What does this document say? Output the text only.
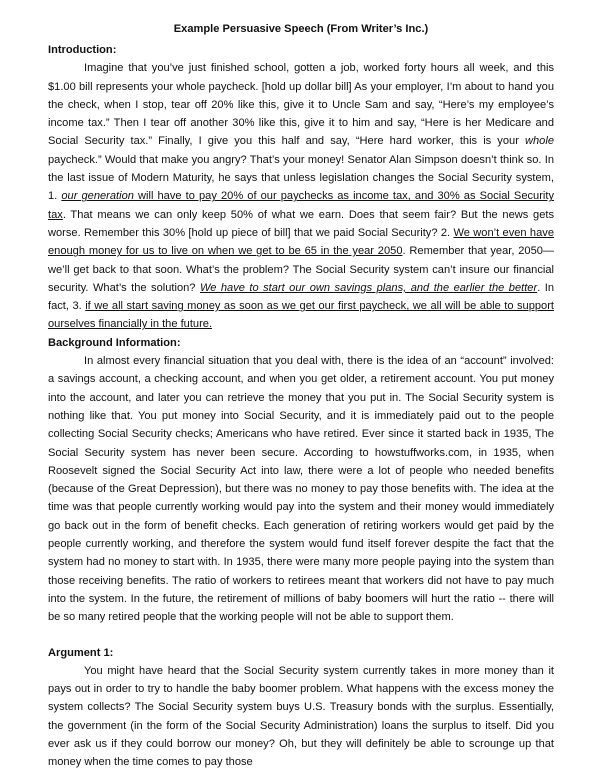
Example Persuasive Speech (From Writer’s Inc.)
Introduction:

Imagine that you’ve just finished school, gotten a job, worked forty hours all week, and this $1.00 bill represents your whole paycheck. [hold up dollar bill] As your employer, I’m about to hand you the check, when I stop, tear off 20% like this, give it to Uncle Sam and say, “Here’s my employee’s income tax.” Then I tear off another 30% like this, give it to him and say, “Here is her Medicare and Social Security tax.” Finally, I give you this half and say, “Here hard worker, this is your whole paycheck.” Would that make you angry? That’s your money! Senator Alan Simpson doesn’t think so. In the last issue of Modern Maturity, he says that unless legislation changes the Social Security system, 1. our generation will have to pay 20% of our paychecks as income tax, and 30% as Social Security tax. That means we can only keep 50% of what we earn. Does that seem fair? But the news gets worse. Remember this 30% [hold up piece of bill] that we paid Social Security? 2. We won’t even have enough money for us to live on when we get to be 65 in the year 2050. Remember that year, 2050—we’ll get back to that soon. What’s the problem? The Social Security system can’t insure our financial security. What’s the solution? We have to start our own savings plans, and the earlier the better. In fact, 3. if we all start saving money as soon as we get our first paycheck, we all will be able to support ourselves financially in the future.

Background Information:

In almost every financial situation that you deal with, there is the idea of an “account” involved: a savings account, a checking account, and when you get older, a retirement account. You put money into the account, and later you can retrieve the money that you put in. The Social Security system is nothing like that. You put money into Social Security, and it is immediately paid out to the people collecting Social Security checks; Americans who have retired. Ever since it started back in 1935, The Social Security system has never been secure. According to howstuffworks.com, in 1935, when Roosevelt signed the Social Security Act into law, there were a lot of people who needed benefits (because of the Great Depression), but there was no money to pay those benefits with. The idea at the time was that people currently working would pay into the system and their money would immediately go back out in the form of benefit checks. Each generation of retiring workers would get paid by the people currently working, and therefore the system would fund itself forever despite the fact that the system had no money to start with. In 1935, there were many more people paying into the system than those receiving benefits. The ratio of workers to retirees meant that workers did not have to pay much into the system. In the future, the retirement of millions of baby boomers will hurt the ratio -- there will be so many retired people that the working people will not be able to support them.

Argument 1:

You might have heard that the Social Security system currently takes in more money than it pays out in order to try to handle the baby boomer problem. What happens with the excess money the system collects? The Social Security system buys U.S. Treasury bonds with the surplus. Essentially, the government (in the form of the Social Security Administration) loans the surplus to itself. Did you ever ask us if they could borrow our money? Oh, but they will definitely be able to scrounge up that money when the time comes to pay those
